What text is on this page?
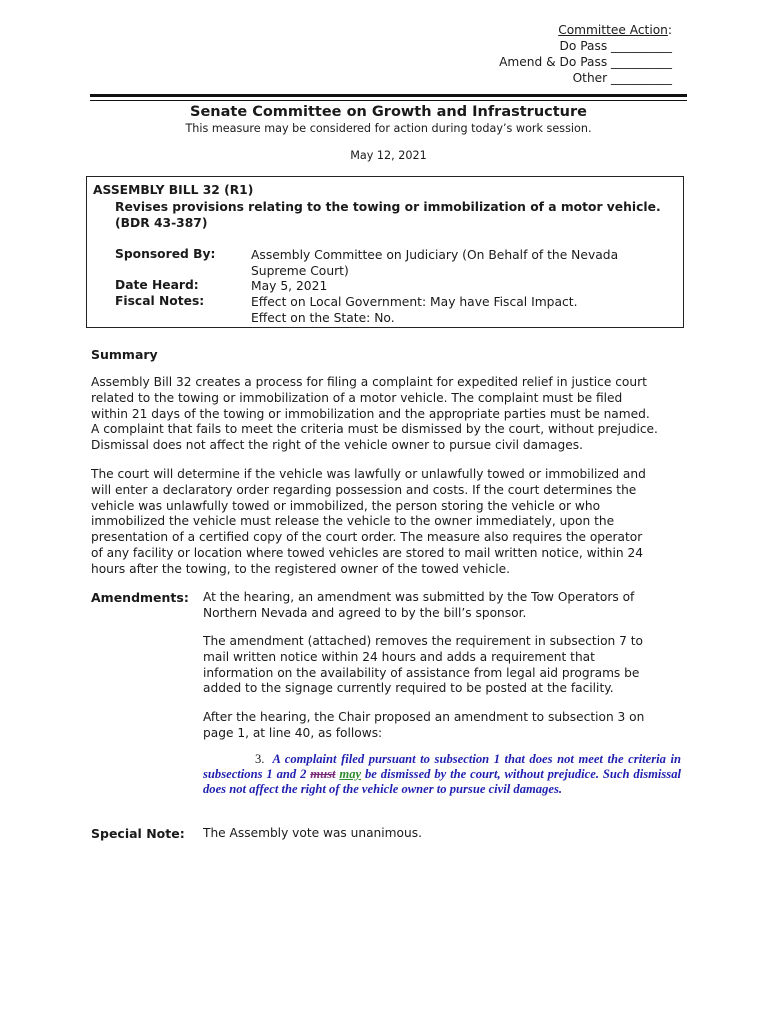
Committee Action:
Do Pass __________
Amend & Do Pass __________
Other __________
Senate Committee on Growth and Infrastructure
This measure may be considered for action during today’s work session.
May 12, 2021
ASSEMBLY BILL 32 (R1)
Revises provisions relating to the towing or immobilization of a motor vehicle.
(BDR 43-387)
Sponsored By:	Assembly Committee on Judiciary (On Behalf of the Nevada
Supreme Court)
Date Heard:	May 5, 2021
Fiscal Notes:	Effect on Local Government: May have Fiscal Impact.
Effect on the State: No.
Summary
Assembly Bill 32 creates a process for filing a complaint for expedited relief in justice court
related to the towing or immobilization of a motor vehicle. The complaint must be filed
within 21 days of the towing or immobilization and the appropriate parties must be named.
A complaint that fails to meet the criteria must be dismissed by the court, without prejudice.
Dismissal does not affect the right of the vehicle owner to pursue civil damages.
The court will determine if the vehicle was lawfully or unlawfully towed or immobilized and
will enter a declaratory order regarding possession and costs. If the court determines the
vehicle was unlawfully towed or immobilized, the person storing the vehicle or who
immobilized the vehicle must release the vehicle to the owner immediately, upon the
presentation of a certified copy of the court order. The measure also requires the operator
of any facility or location where towed vehicles are stored to mail written notice, within 24
hours after the towing, to the registered owner of the towed vehicle.
Amendments: At the hearing, an amendment was submitted by the Tow Operators of
Northern Nevada and agreed to by the bill’s sponsor.
The amendment (attached) removes the requirement in subsection 7 to
mail written notice within 24 hours and adds a requirement that
information on the availability of assistance from legal aid programs be
added to the signage currently required to be posted at the facility.
After the hearing, the Chair proposed an amendment to subsection 3 on
page 1, at line 40, as follows:
3. A complaint filed pursuant to subsection 1 that does not meet the criteria in subsections 1 and 2 must may be dismissed by the court, without prejudice. Such dismissal does not affect the right of the vehicle owner to pursue civil damages.
Special Note: The Assembly vote was unanimous.
